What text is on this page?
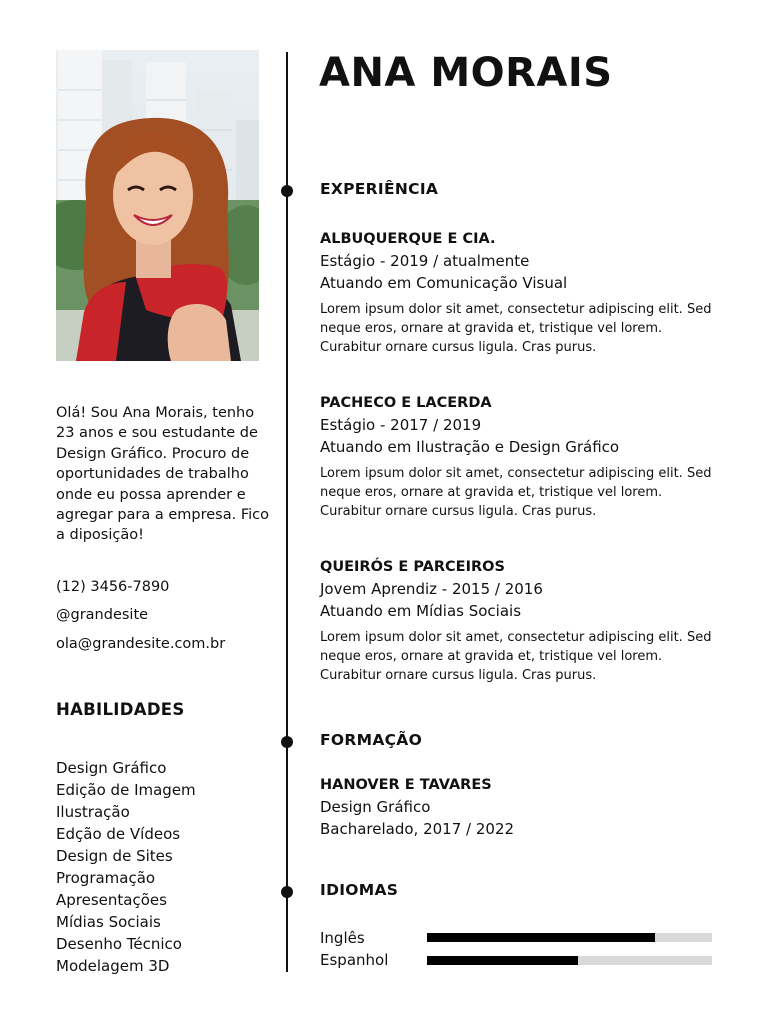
Olá! Sou Ana Morais, tenho 23 anos e sou estudante de Design Gráfico. Procuro de oportunidades de trabalho onde eu possa aprender e agregar para a empresa. Fico a diposição!
(12) 3456-7890
@grandesite
ola@grandesite.com.br
HABILIDADES
Design Gráfico
Edição de Imagem
Ilustração
Edção de Vídeos
Design de Sites
Programação
Apresentações
Mídias Sociais
Desenho Técnico
Modelagem 3D
ANA MORAIS
EXPERIÊNCIA
ALBUQUERQUE E CIA.
Estágio - 2019 / atualmente
Atuando em Comunicação Visual
Lorem ipsum dolor sit amet, consectetur adipiscing elit. Sed neque eros, ornare at gravida et, tristique vel lorem. Curabitur ornare cursus ligula. Cras purus.
PACHECO E LACERDA
Estágio - 2017 / 2019
Atuando em Ilustração e Design Gráfico
Lorem ipsum dolor sit amet, consectetur adipiscing elit. Sed neque eros, ornare at gravida et, tristique vel lorem. Curabitur ornare cursus ligula. Cras purus.
QUEIRÓS E PARCEIROS
Jovem Aprendiz - 2015 / 2016
Atuando em Mídias Sociais
Lorem ipsum dolor sit amet, consectetur adipiscing elit. Sed neque eros, ornare at gravida et, tristique vel lorem. Curabitur ornare cursus ligula. Cras purus.
FORMAÇÃO
HANOVER E TAVARES
Design Gráfico
Bacharelado, 2017 / 2022
IDIOMAS
Inglês
Espanhol
